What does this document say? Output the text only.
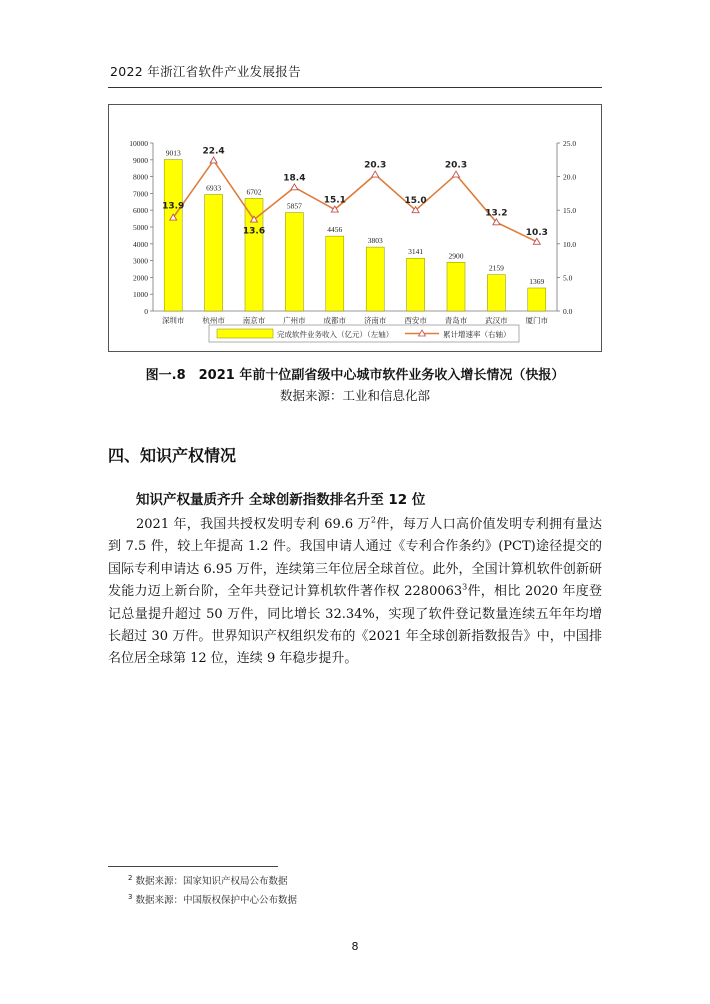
2022 年浙江省软件产业发展报告
0
1000
2000
3000
4000
5000
6000
7000
8000
9000
10000
0.0
5.0
10.0
15.0
20.0
25.0
9013
6933	6702
5857
4456
3803
3141	2900
2159
1369
深圳市 杭州市 南京市 广州市 成都市 济南市 西安市 青岛市 武汉市 厦门市
13.9
22.4
13.6
18.4
15.1
20.3
15.0
20.3
13.2
10.3
完成软件业务收入（亿元）（左轴）	累计增速率（右轴）
图一.8　2021 年前十位副省级中心城市软件业务收入增长情况（快报）
数据来源：工业和信息化部
四、知识产权情况
知识产权量质齐升 全球创新指数排名升至 12 位

2021 年，我国共授权发明专利 69.6 万$^2$件，每万人口高价值发明专利拥有量达到 7.5 件，较上年提高 1.2 件。我国申请人通过《专利合作条约》(PCT)途径提交的国际专利申请达 6.95 万件，连续第三年位居全球首位。此外，全国计算机软件创新研发能力迈上新台阶，全年共登记计算机软件著作权 2280063$^3$件，相比 2020 年度登记总量提升超过 50 万件，同比增长 32.34%，实现了软件登记数量连续五年年均增长超过 30 万件。世界知识产权组织发布的《2021 年全球创新指数报告》中，中国排名位居全球第 12 位，连续 9 年稳步提升。

$^2$ 数据来源：国家知识产权局公布数据
$^3$ 数据来源：中国版权保护中心公布数据
8
